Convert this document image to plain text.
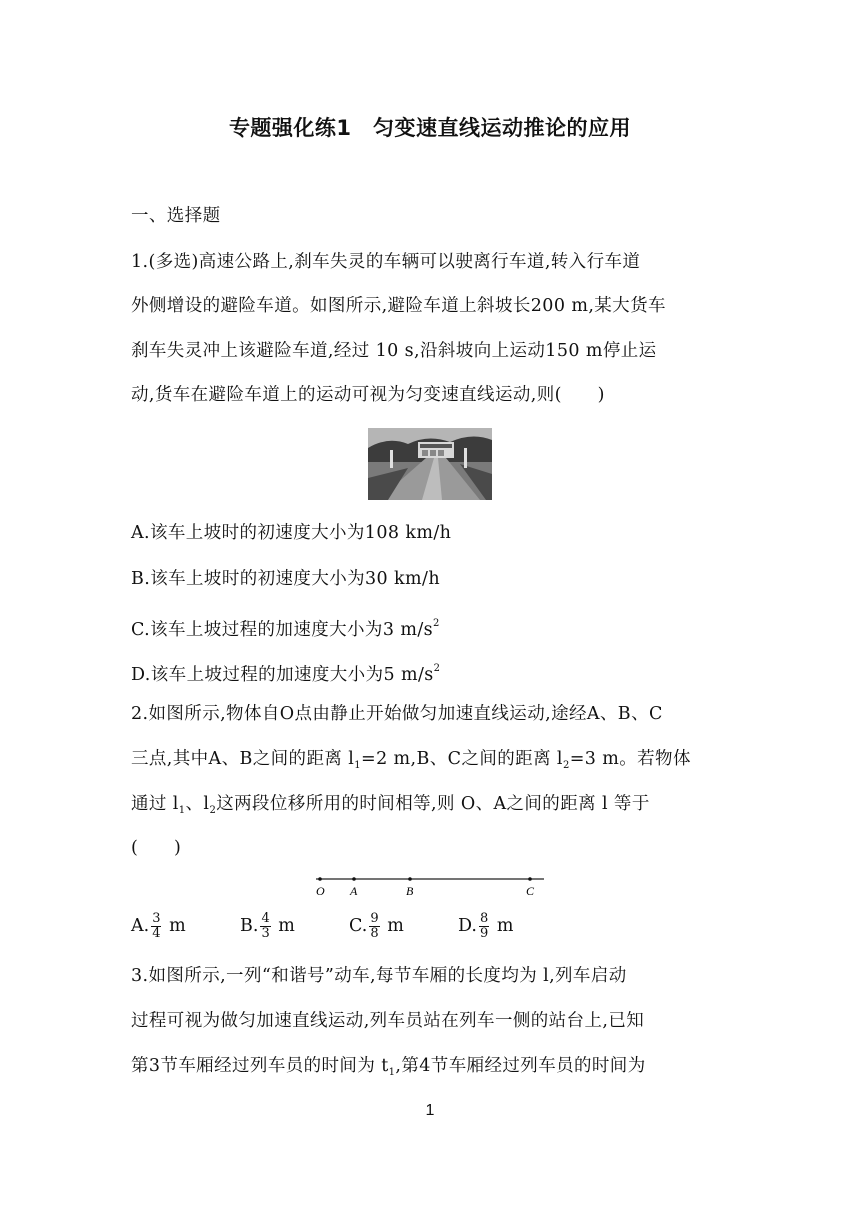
专题强化练1　匀变速直线运动推论的应用
一、选择题
1.(多选)高速公路上,刹车失灵的车辆可以驶离行车道,转入行车道
外侧增设的避险车道。如图所示,避险车道上斜坡长200 m,某大货车
刹车失灵冲上该避险车道,经过 10 s,沿斜坡向上运动150 m停止运
动,货车在避险车道上的运动可视为匀变速直线运动,则(　　)
A.该车上坡时的初速度大小为108 km/h
B.该车上坡时的初速度大小为30 km/h
C.该车上坡过程的加速度大小为3 $m/s^2$
D.该车上坡过程的加速度大小为5 $m/s^2$
2.如图所示,物体自O点由静止开始做匀加速直线运动,途经A、B、C
三点,其中A、B之间的距离 $l_1=2$ m,B、C之间的距离 $l_2=3$ m。若物体
通过 $l_1$、$l_2$这两段位移所用的时间相等,则 O、A之间的距离 l 等于
(　　)
O A	B	C
A. $\frac{3}{4}$ m	B. $\frac{4}{3}$ m	C. $\frac{9}{8}$ m	D. $\frac{8}{9}$ m
3.如图所示,一列“和谐号”动车,每节车厢的长度均为 l,列车启动
过程可视为做匀加速直线运动,列车员站在列车一侧的站台上,已知
第3节车厢经过列车员的时间为 $t_1$,第4节车厢经过列车员的时间为
1
